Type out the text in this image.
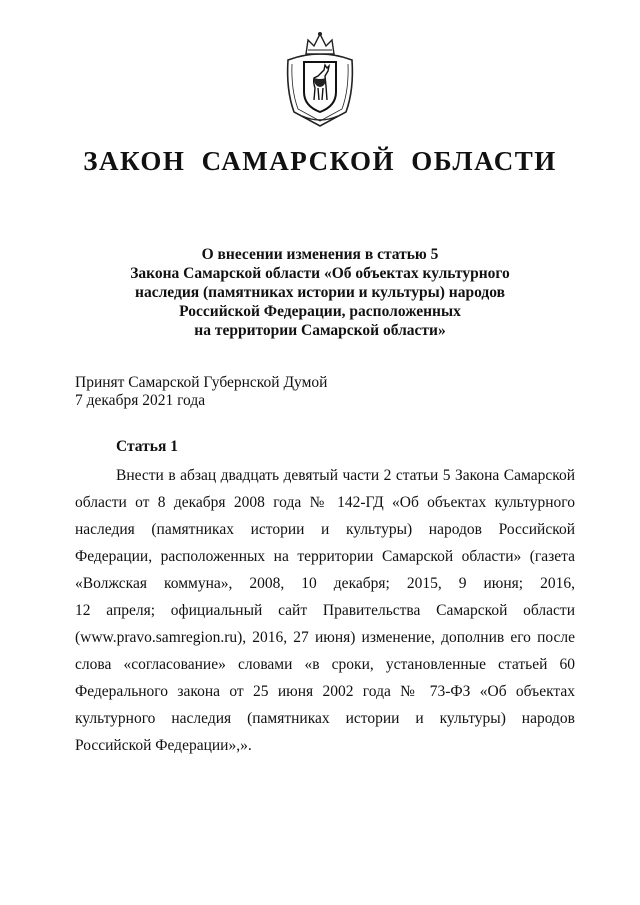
ЗАКОН САМАРСКОЙ ОБЛАСТИ
О внесении изменения в статью 5
Закона Самарской области «Об объектах культурного
наследия (памятниках истории и культуры) народов
Российской Федерации, расположенных
на территории Самарской области»
Принят Самарской Губернской Думой
7 декабря 2021 года
Статья 1
Внести в абзац двадцать девятый части 2 статьи 5 Закона Самарской
области от 8 декабря 2008 года № 142-ГД «Об объектах культурного
наследия (памятниках истории и культуры) народов Российской
Федерации, расположенных на территории Самарской области» (газета
«Волжская коммуна», 2008, 10 декабря; 2015, 9 июня; 2016,
12 апреля; официальный сайт Правительства Самарской области
(www.pravo.samregion.ru), 2016, 27 июня) изменение, дополнив его после
слова «согласование» словами «в сроки, установленные статьей 60
Федерального закона от 25 июня 2002 года № 73-ФЗ «Об объектах
культурного наследия (памятниках истории и культуры) народов
Российской Федерации»,».
